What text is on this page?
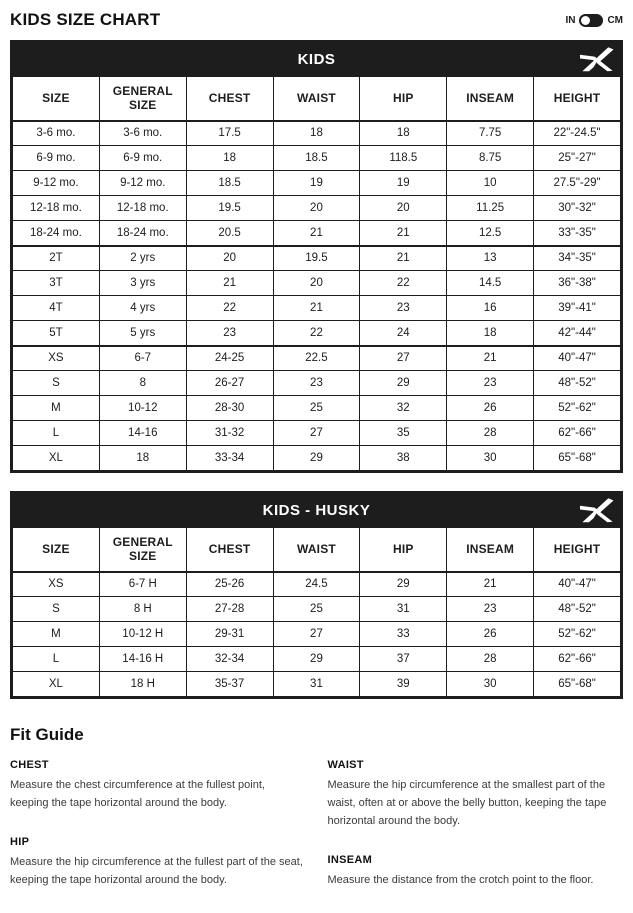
KIDS SIZE CHART	IN	CM
KIDS
SIZE	GENERAL SIZE	CHEST	WAIST	HIP	INSEAM	HEIGHT
3-6 mo.	3-6 mo.	17.5	18	18	7.75	22"-24.5"
6-9 mo.	6-9 mo.	18	18.5	118.5	8.75	25"-27"
9-12 mo.	9-12 mo.	18.5	19	19	10	27.5"-29"
12-18 mo.	12-18 mo.	19.5	20	20	11.25	30"-32"
18-24 mo.	18-24 mo.	20.5	21	21	12.5	33"-35"
2T	2 yrs	20	19.5	21	13	34"-35"
3T	3 yrs	21	20	22	14.5	36"-38"
4T	4 yrs	22	21	23	16	39"-41"
5T	5 yrs	23	22	24	18	42"-44"
XS	6-7	24-25	22.5	27	21	40"-47"
S	8	26-27	23	29	23	48"-52"
M	10-12	28-30	25	32	26	52"-62"
L	14-16	31-32	27	35	28	62"-66"
XL	18	33-34	29	38	30	65"-68"
KIDS - HUSKY
SIZE	GENERAL SIZE	CHEST	WAIST	HIP	INSEAM	HEIGHT
XS	6-7 H	25-26	24.5	29	21	40"-47"
S	8 H	27-28	25	31	23	48"-52"
M	10-12 H	29-31	27	33	26	52"-62"
L	14-16 H	32-34	29	37	28	62"-66"
XL	18 H	35-37	31	39	30	65"-68"
Fit Guide
CHEST

Measure the chest circumference at the fullest point, keeping the tape horizontal around the body.

HIP

Measure the hip circumference at the fullest part of the seat, keeping the tape horizontal around the body.

WAIST

Measure the hip circumference at the smallest part of the waist, often at or above the belly button, keeping the tape horizontal around the body.

INSEAM

Measure the distance from the crotch point to the floor.
